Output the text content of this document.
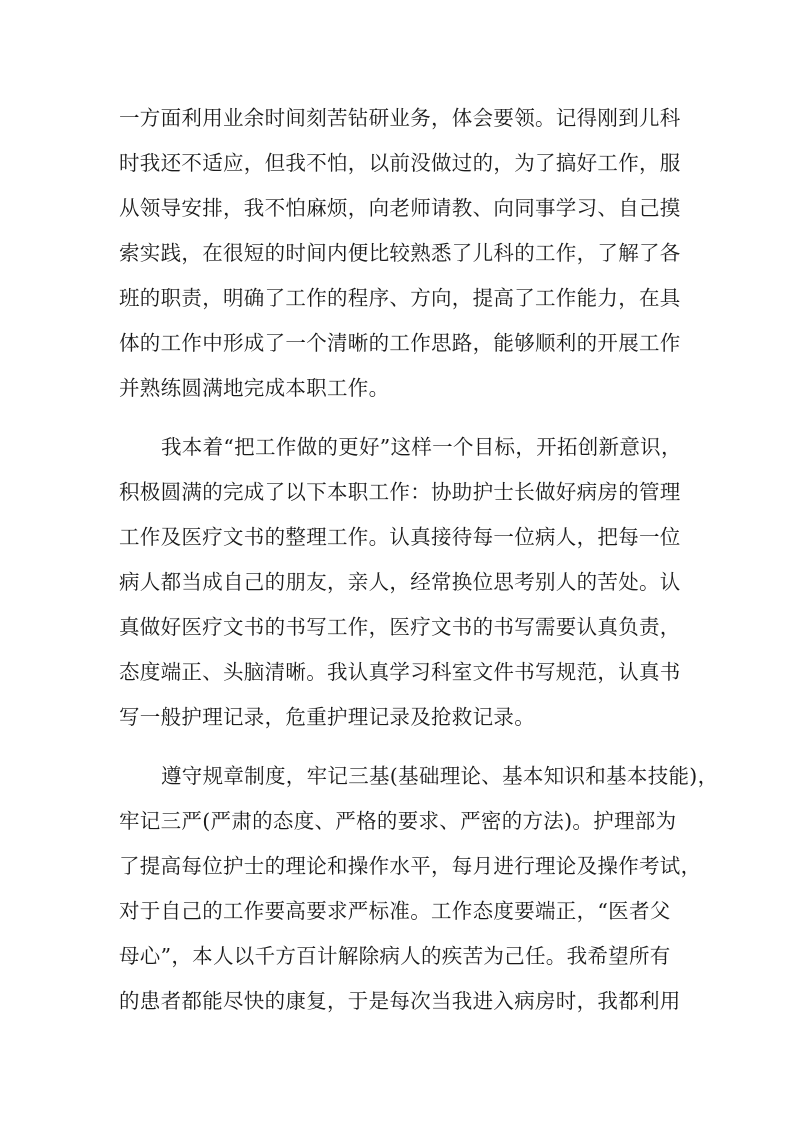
一方面利用业余时间刻苦钻研业务，体会要领。记得刚到儿科
时我还不适应，但我不怕，以前没做过的，为了搞好工作，服
从领导安排，我不怕麻烦，向老师请教、向同事学习、自己摸
索实践，在很短的时间内便比较熟悉了儿科的工作，了解了各
班的职责，明确了工作的程序、方向，提高了工作能力，在具
体的工作中形成了一个清晰的工作思路，能够顺利的开展工作
并熟练圆满地完成本职工作。
我本着“把工作做的更好”这样一个目标，开拓创新意识，
积极圆满的完成了以下本职工作：协助护士长做好病房的管理
工作及医疗文书的整理工作。认真接待每一位病人，把每一位
病人都当成自己的朋友，亲人，经常换位思考别人的苦处。认
真做好医疗文书的书写工作，医疗文书的书写需要认真负责，
态度端正、头脑清晰。我认真学习科室文件书写规范，认真书
写一般护理记录，危重护理记录及抢救记录。
遵守规章制度，牢记三基(基础理论、基本知识和基本技能)，
牢记三严(严肃的态度、严格的要求、严密的方法)。护理部为
了提高每位护士的理论和操作水平，每月进行理论及操作考试，
对于自己的工作要高要求严标准。工作态度要端正，“医者父
母心”，本人以千方百计解除病人的疾苦为己任。我希望所有
的患者都能尽快的康复，于是每次当我进入病房时，我都利用
